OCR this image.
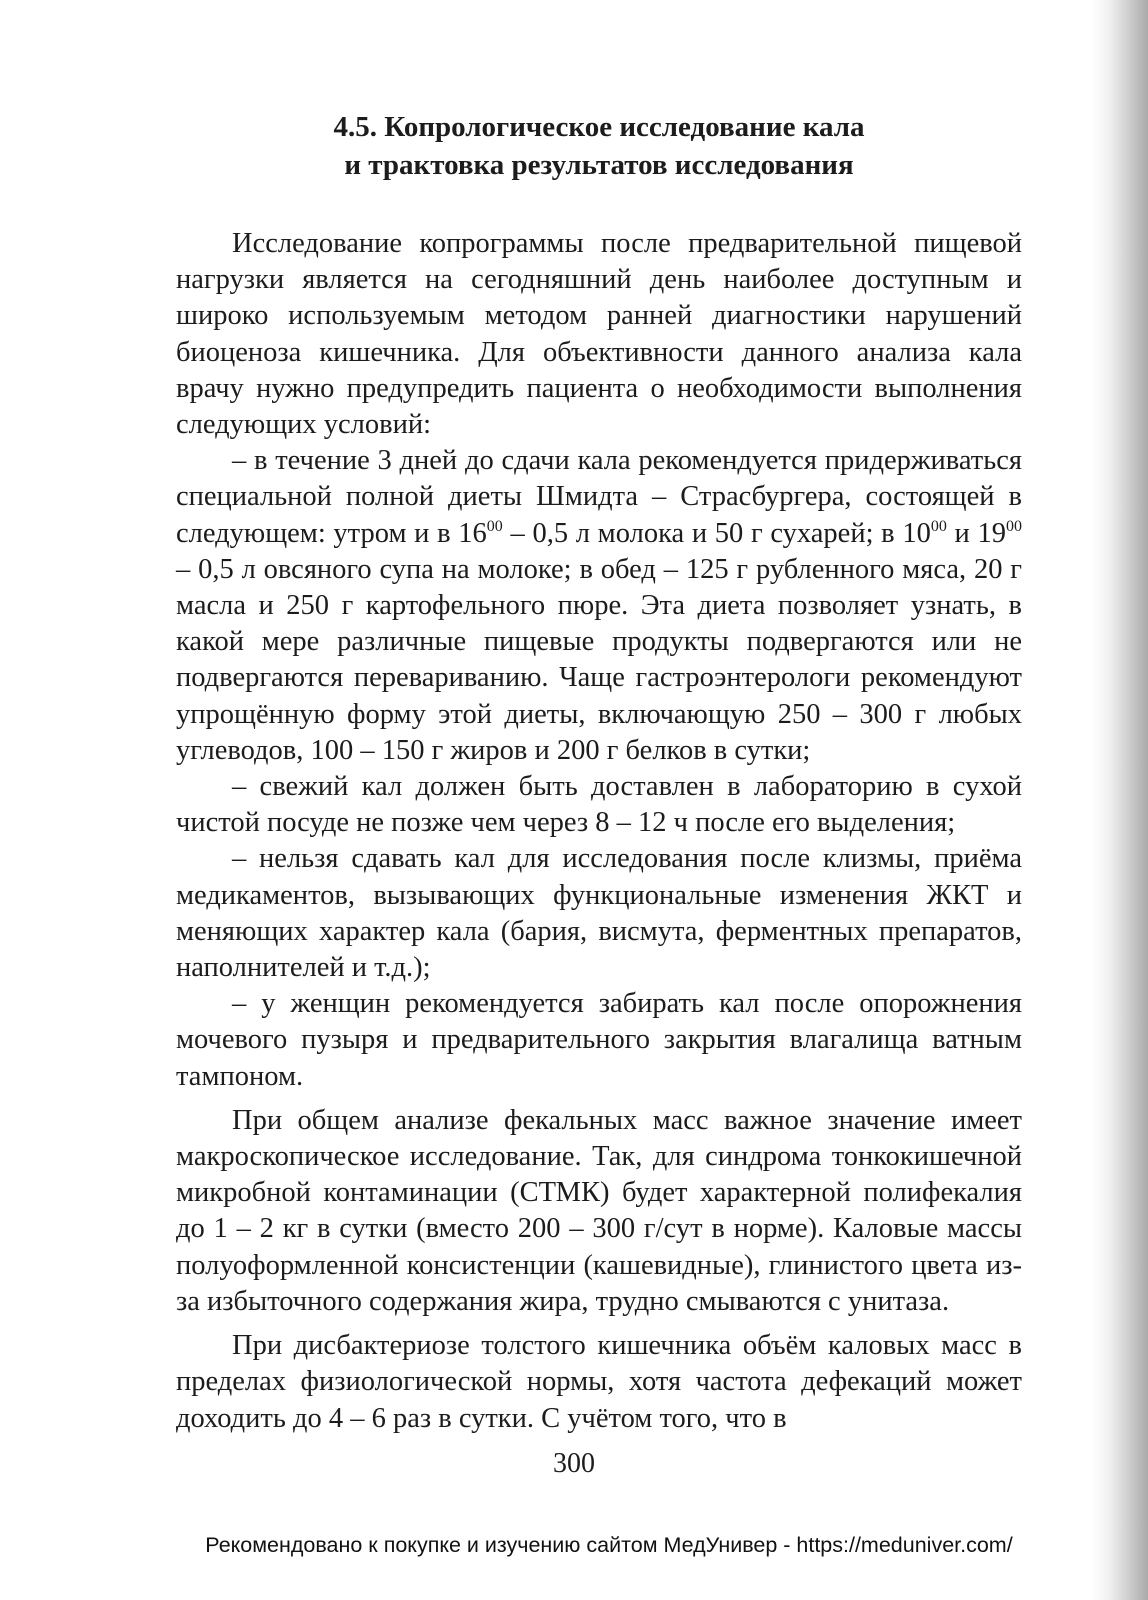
4.5. Копрологическое исследование кала
и трактовка результатов исследования

Исследование копрограммы после предварительной пищевой нагрузки является на сегодняшний день наиболее доступным и широко используемым методом ранней диагностики нарушений биоценоза кишечника. Для объективности данного анализа кала врачу нужно предупредить пациента о необходимости выполнения следующих условий:

– в течение 3 дней до сдачи кала рекомендуется придерживаться специальной полной диеты Шмидта – Страсбургера, состоящей в следующем: утром и в $16^{00} - 0,5$ л молока и 50 г сухарей; в $10^{00}$ и $19^{00} - 0,5$ л овсяного супа на молоке; в обед – 125 г рубленного мяса, 20 г масла и 250 г картофельного пюре. Эта диета позволяет узнать, в какой мере различные пищевые продукты подвергаются или не подвергаются перевариванию. Чаще гастроэнтерологи рекомендуют упрощённую форму этой диеты, включающую 250 – 300 г любых углеводов, 100 – 150 г жиров и 200 г белков в сутки;

– свежий кал должен быть доставлен в лабораторию в сухой чистой посуде не позже чем через 8 – 12 ч после его выделения;

– нельзя сдавать кал для исследования после клизмы, приёма медикаментов, вызывающих функциональные изменения ЖКТ и меняющих характер кала (бария, висмута, ферментных препаратов, наполнителей и т.д.);

– у женщин рекомендуется забирать кал после опорожнения мочевого пузыря и предварительного закрытия влагалища ватным тампоном.

При общем анализе фекальных масс важное значение имеет макроскопическое исследование. Так, для синдрома тонкокишечной микробной контаминации (СТМК) будет характерной полифекалия до 1 – 2 кг в сутки (вместо 200 – 300 г/сут в норме). Каловые массы полуоформленной консистенции (кашевидные), глинистого цвета из-за избыточного содержания жира, трудно смываются с унитаза.

При дисбактериозе толстого кишечника объём каловых масс в пределах физиологической нормы, хотя частота дефекаций может доходить до 4 – 6 раз в сутки. С учётом того, что в

300
Рекомендовано к покупке и изучению сайтом МедУнивер - https://meduniver.com/
